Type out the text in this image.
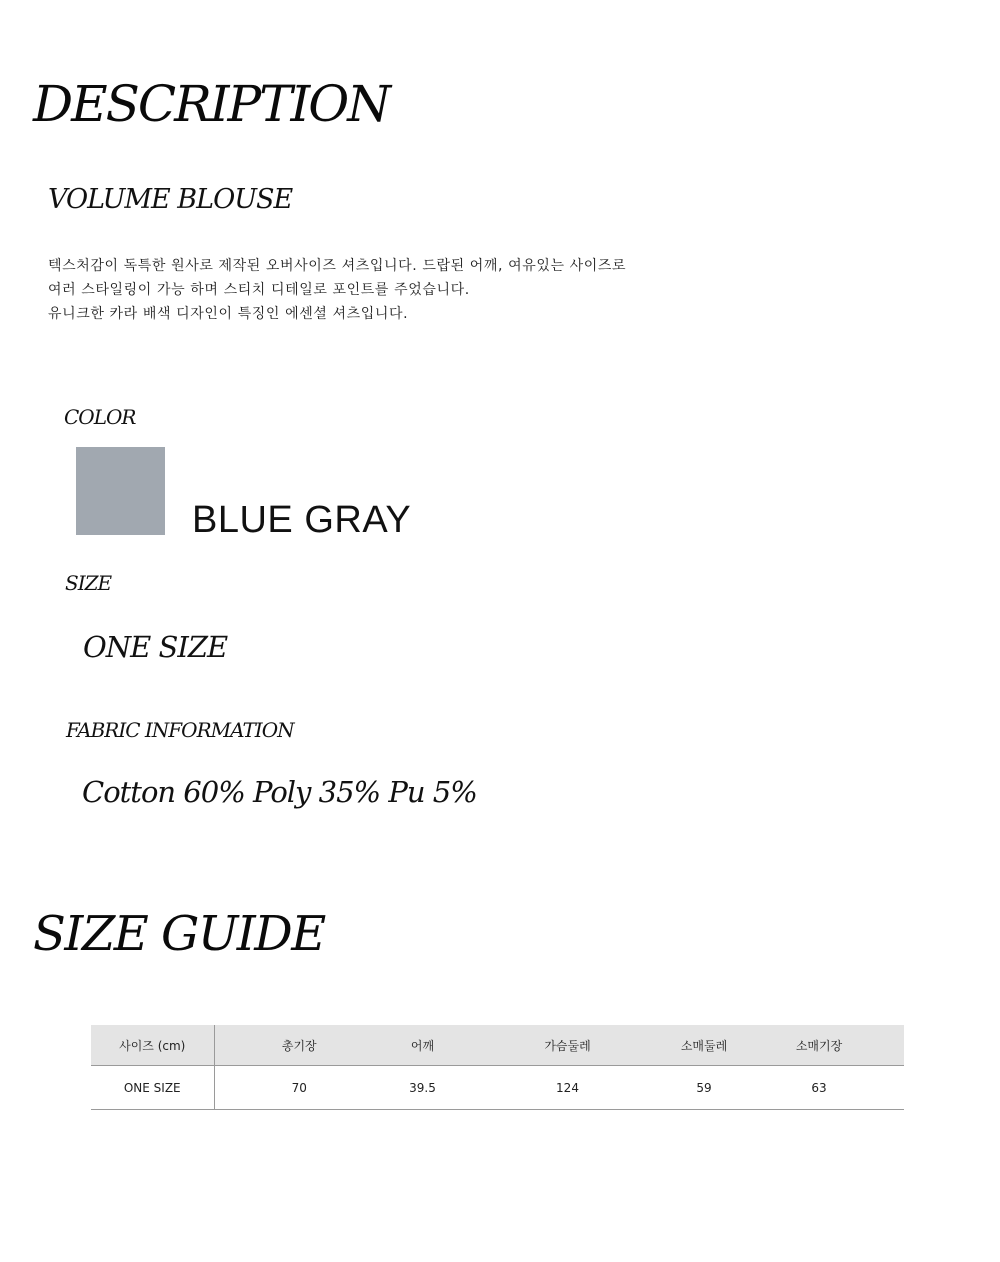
DESCRIPTION
VOLUME BLOUSE
텍스처감이 독특한 원사로 제작된 오버사이즈 셔츠입니다. 드랍된 어깨, 여유있는 사이즈로
여러 스타일링이 가능 하며 스티치 디테일로 포인트를 주었습니다.
유니크한 카라 배색 디자인이 특징인 에센셜 셔츠입니다.
COLOR
BLUE GRAY
SIZE
ONE SIZE
FABRIC INFORMATION
Cotton 60% Poly 35% Pu 5%
SIZE GUIDE
사이즈 (cm)	총기장	어깨	가슴둘레	소매둘레	소매기장
ONE SIZE	70	39.5	124	59	63
